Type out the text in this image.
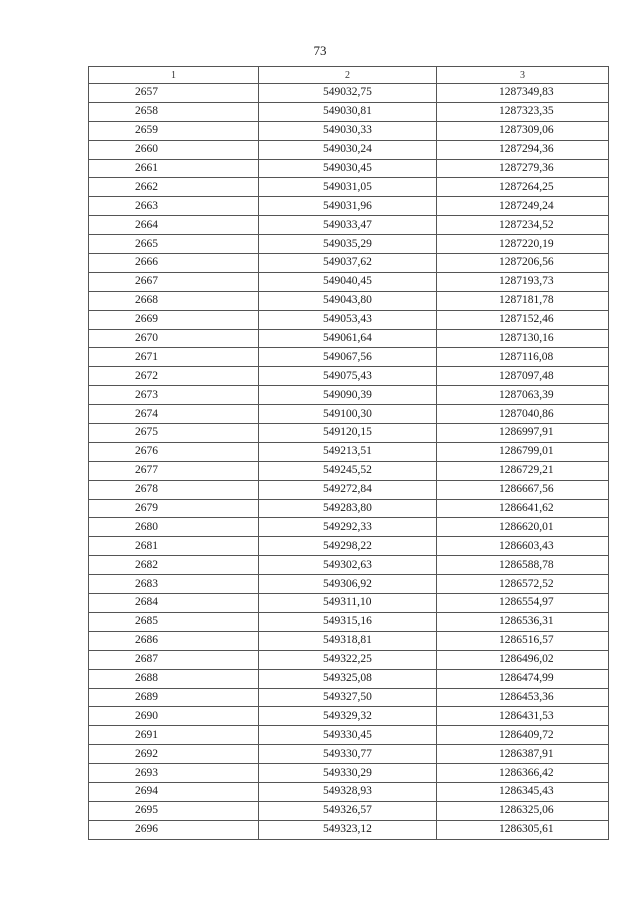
73
1	2	3
2657	549032,75	1287349,83
2658	549030,81	1287323,35
2659	549030,33	1287309,06
2660	549030,24	1287294,36
2661	549030,45	1287279,36
2662	549031,05	1287264,25
2663	549031,96	1287249,24
2664	549033,47	1287234,52
2665	549035,29	1287220,19
2666	549037,62	1287206,56
2667	549040,45	1287193,73
2668	549043,80	1287181,78
2669	549053,43	1287152,46
2670	549061,64	1287130,16
2671	549067,56	1287116,08
2672	549075,43	1287097,48
2673	549090,39	1287063,39
2674	549100,30	1287040,86
2675	549120,15	1286997,91
2676	549213,51	1286799,01
2677	549245,52	1286729,21
2678	549272,84	1286667,56
2679	549283,80	1286641,62
2680	549292,33	1286620,01
2681	549298,22	1286603,43
2682	549302,63	1286588,78
2683	549306,92	1286572,52
2684	549311,10	1286554,97
2685	549315,16	1286536,31
2686	549318,81	1286516,57
2687	549322,25	1286496,02
2688	549325,08	1286474,99
2689	549327,50	1286453,36
2690	549329,32	1286431,53
2691	549330,45	1286409,72
2692	549330,77	1286387,91
2693	549330,29	1286366,42
2694	549328,93	1286345,43
2695	549326,57	1286325,06
2696	549323,12	1286305,61
